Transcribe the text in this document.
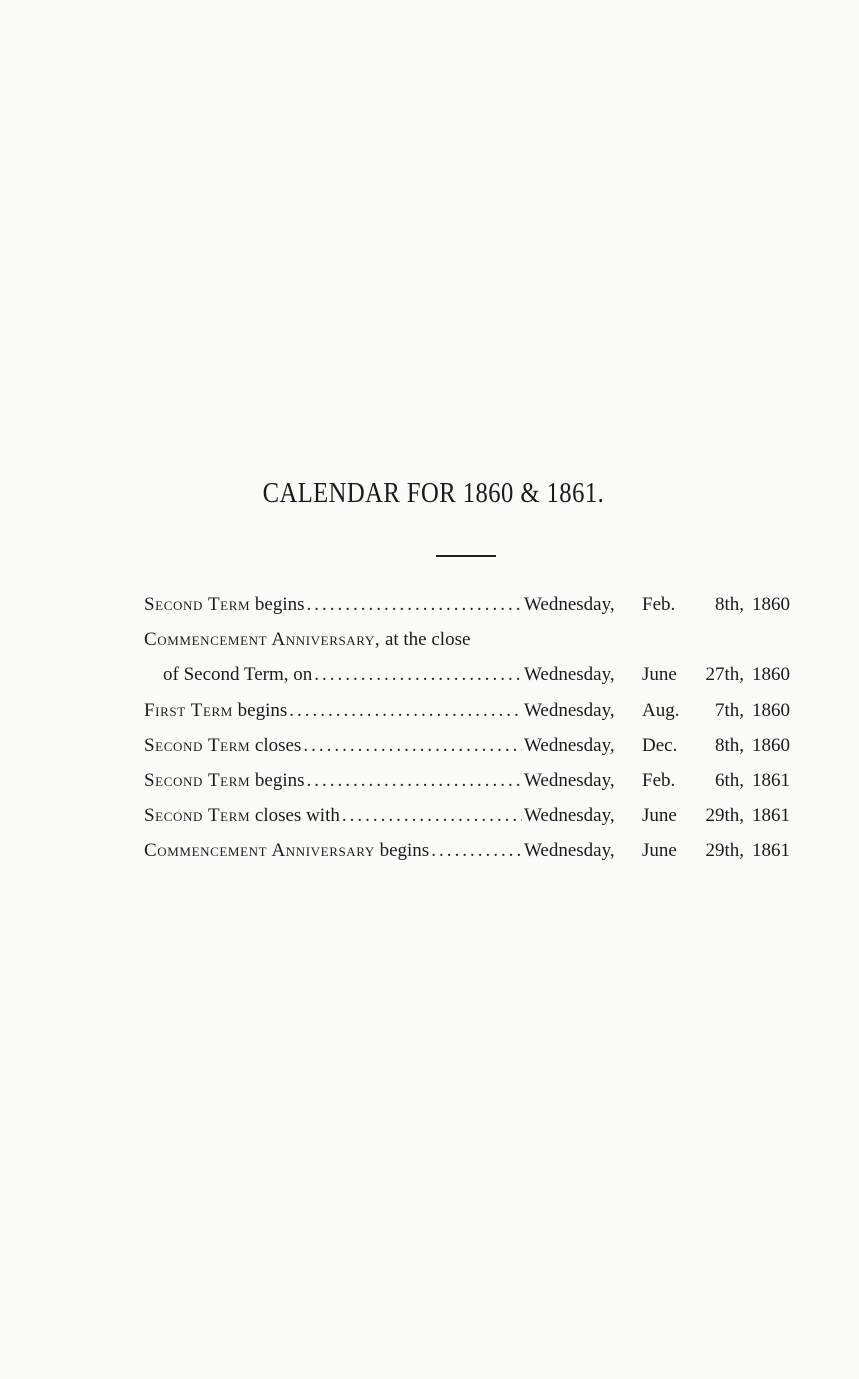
CALENDAR FOR 1860 & 1861.
Second Term
begins .....	Wednesday,	Feb.	8th, 1860
Commencement Anniversary,
at the close
of Second Term, on .....	Wednesday,	June	27th, 1860
First Term
begins .....	Wednesday,	Aug.	7th, 1860
Second Term
closes .....	Wednesday,	Dec.	8th, 1860
Second Term
begins .....	Wednesday,	Feb.	6th, 1861
Second Term
closes with .....	Wednesday,	June	29th, 1861
Commencement Anniversary
begins .....	Wednesday,	June	29th, 1861
